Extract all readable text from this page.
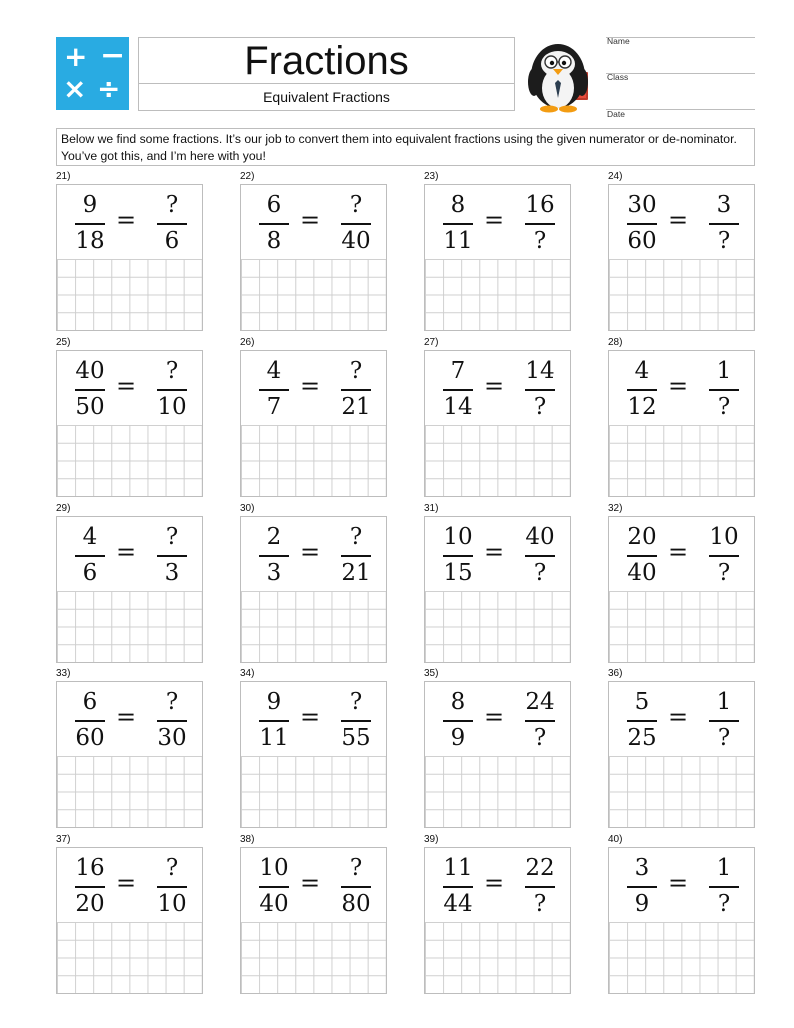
+ −
× ÷
Fractions
Equivalent Fractions
Name
Class
Date
Below we find some fractions. It’s our job to convert them into equivalent fractions using the given numerator or de-nominator. You’ve got this, and I’m here with you!
21)
9
18
=
?
6
22)
6
8
=
?
40
23)
8
11
=
16
?
24)
30
60
=
3
?
25)
40
50
=
?
10
26)
4
7
=
?
21
27)
7
14
=
14
?
28)
4
12
=
1
?
29)
4
6
=
?
3
30)
2
3
=
?
21
31)
10
15
=
40
?
32)
20
40
=
10
?
33)
6
60
=
?
30
34)
9
11
=
?
55
35)
8
9
=
24
?
36)
5
25
=
1
?
37)
16
20
=
?
10
38)
10
40
=
?
80
39)
11
44
=
22
?
40)
3
9
=
1
?
